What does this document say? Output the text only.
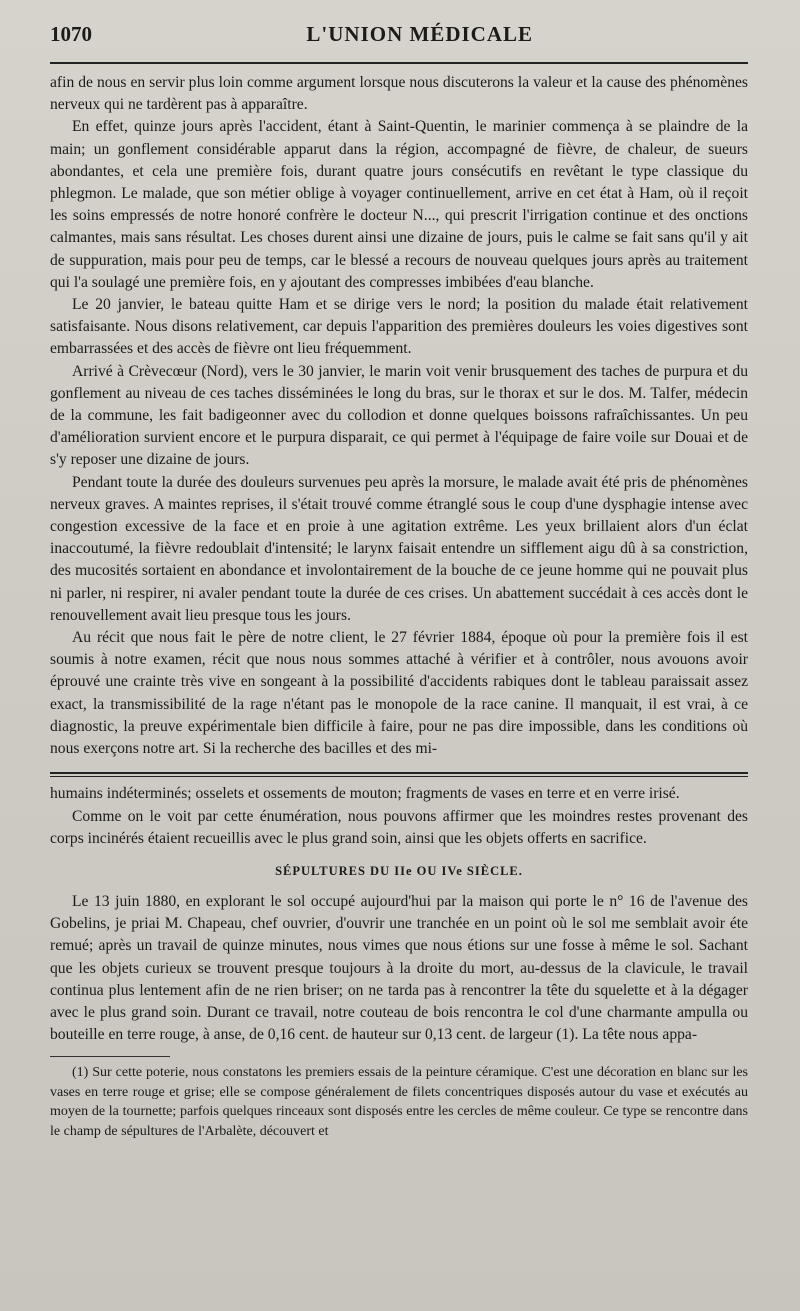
1070	L'UNION MÉDICALE

afin de nous en servir plus loin comme argument lorsque nous discuterons la valeur et la cause des phénomènes nerveux qui ne tardèrent pas à apparaître.

En effet, quinze jours après l'accident, étant à Saint-Quentin, le marinier commença à se plaindre de la main; un gonflement considérable apparut dans la région, accompagné de fièvre, de chaleur, de sueurs abondantes, et cela une première fois, durant quatre jours consécutifs en revêtant le type classique du phlegmon. Le malade, que son métier oblige à voyager continuellement, arrive en cet état à Ham, où il reçoit les soins empressés de notre honoré confrère le docteur N..., qui prescrit l'irrigation continue et des onctions calmantes, mais sans résultat. Les choses durent ainsi une dizaine de jours, puis le calme se fait sans qu'il y ait de suppuration, mais pour peu de temps, car le blessé a recours de nouveau quelques jours après au traitement qui l'a soulagé une première fois, en y ajoutant des compresses imbibées d'eau blanche.

Le 20 janvier, le bateau quitte Ham et se dirige vers le nord; la position du malade était relativement satisfaisante. Nous disons relativement, car depuis l'apparition des premières douleurs les voies digestives sont embarrassées et des accès de fièvre ont lieu fréquemment.

Arrivé à Crèvecœur (Nord), vers le 30 janvier, le marin voit venir brusquement des taches de purpura et du gonflement au niveau de ces taches disséminées le long du bras, sur le thorax et sur le dos. M. Talfer, médecin de la commune, les fait badigeonner avec du collodion et donne quelques boissons rafraîchissantes. Un peu d'amélioration survient encore et le purpura disparait, ce qui permet à l'équipage de faire voile sur Douai et de s'y reposer une dizaine de jours.

Pendant toute la durée des douleurs survenues peu après la morsure, le malade avait été pris de phénomènes nerveux graves. A maintes reprises, il s'était trouvé comme étranglé sous le coup d'une dysphagie intense avec congestion excessive de la face et en proie à une agitation extrême. Les yeux brillaient alors d'un éclat inaccoutumé, la fièvre redoublait d'intensité; le larynx faisait entendre un sifflement aigu dû à sa constriction, des mucosités sortaient en abondance et involontairement de la bouche de ce jeune homme qui ne pouvait plus ni parler, ni respirer, ni avaler pendant toute la durée de ces crises. Un abattement succédait à ces accès dont le renouvellement avait lieu presque tous les jours.

Au récit que nous fait le père de notre client, le 27 février 1884, époque où pour la première fois il est soumis à notre examen, récit que nous nous sommes attaché à vérifier et à contrôler, nous avouons avoir éprouvé une crainte très vive en songeant à la possibilité d'accidents rabiques dont le tableau paraissait assez exact, la transmissibilité de la rage n'étant pas le monopole de la race canine. Il manquait, il est vrai, à ce diagnostic, la preuve expérimentale bien difficile à faire, pour ne pas dire impossible, dans les conditions où nous exerçons notre art. Si la recherche des bacilles et des mi-

humains indéterminés; osselets et ossements de mouton; fragments de vases en terre et en verre irisé.

Comme on le voit par cette énumération, nous pouvons affirmer que les moindres restes provenant des corps incinérés étaient recueillis avec le plus grand soin, ainsi que les objets offerts en sacrifice.

SÉPULTURES DU IIe OU IVe SIÈCLE.

Le 13 juin 1880, en explorant le sol occupé aujourd'hui par la maison qui porte le n° 16 de l'avenue des Gobelins, je priai M. Chapeau, chef ouvrier, d'ouvrir une tranchée en un point où le sol me semblait avoir éte remué; après un travail de quinze minutes, nous vimes que nous étions sur une fosse à même le sol. Sachant que les objets curieux se trouvent presque toujours à la droite du mort, au-dessus de la clavicule, le travail continua plus lentement afin de ne rien briser; on ne tarda pas à rencontrer la tête du squelette et à la dégager avec le plus grand soin. Durant ce travail, notre couteau de bois rencontra le col d'une charmante ampulla ou bouteille en terre rouge, à anse, de 0,16 cent. de hauteur sur 0,13 cent. de largeur (1). La tête nous appa-

(1) Sur cette poterie, nous constatons les premiers essais de la peinture céramique. C'est une décoration en blanc sur les vases en terre rouge et grise; elle se compose généralement de filets concentriques disposés autour du vase et exécutés au moyen de la tournette; parfois quelques rinceaux sont disposés entre les cercles de même couleur. Ce type se rencontre dans le champ de sépultures de l'Arbalète, découvert et
